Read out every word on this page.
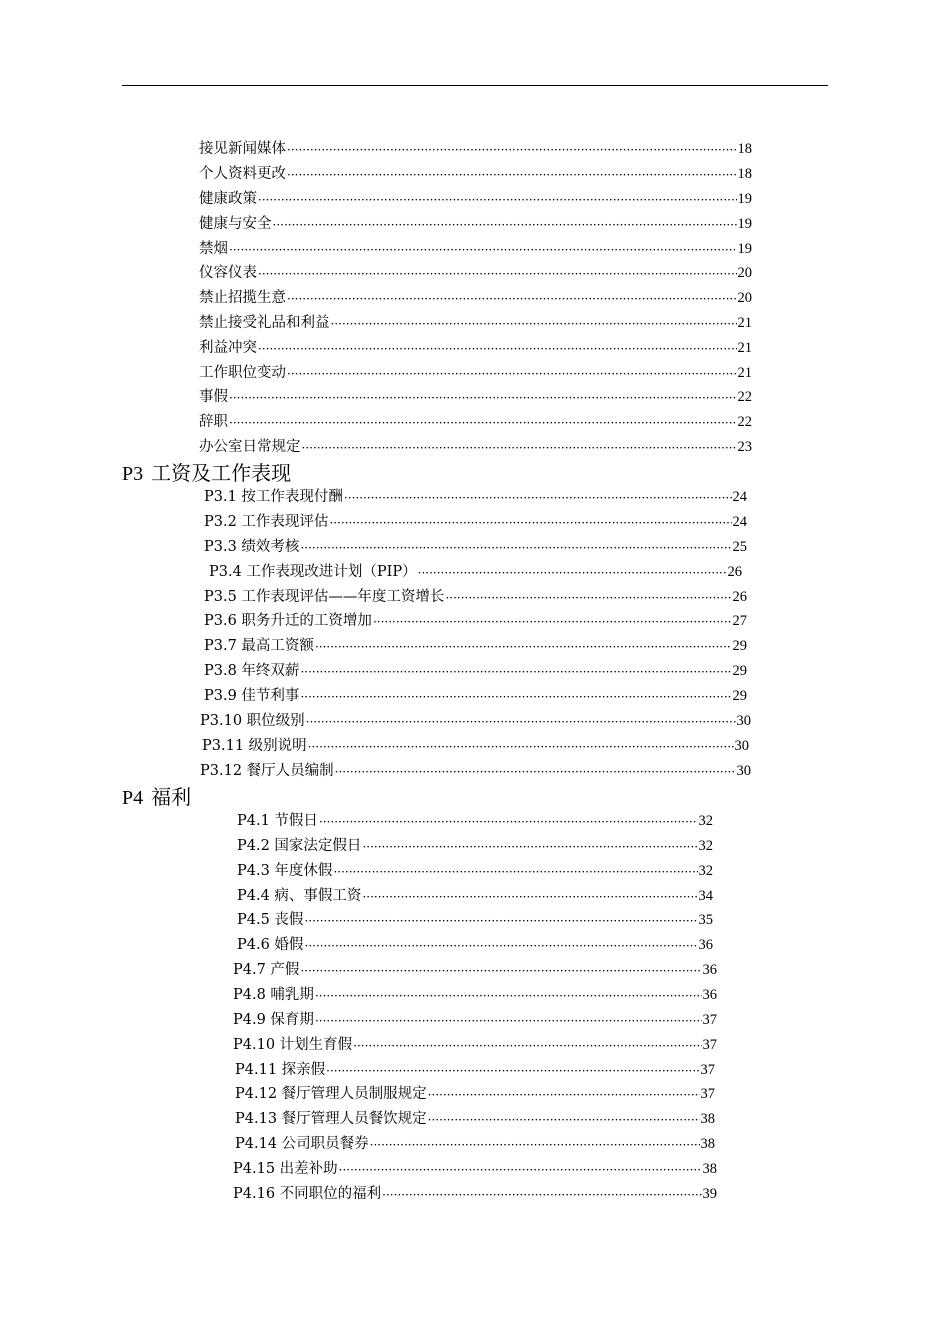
接见新闻媒体 ·····	18
个人资料更改 ·····	18
健康政策 ·····	19
健康与安全 ·····	19
禁烟 ·····	19
仪容仪表 ·····	20
禁止招揽生意 ·····	20
禁止接受礼品和利益 ·····	21
利益冲突 ·····	21
工作职位变动 ·····	21
事假 ·····	22
辞职 ·····	22
办公室日常规定 ·····	23
P3 工资及工作表现
P3.1 按工作表现付酬 ·····	24
P3.2 工作表现评估 ·····	24
P3.3 绩效考核 ·····	25
P3.4 工作表现改进计划（PIP） ·····	26
P3.5 工作表现评估——年度工资增长 ·····	26
P3.6 职务升迁的工资增加 ·····	27
P3.7 最高工资额 ·····	29
P3.8 年终双薪 ·····	29
P3.9 佳节利事 ·····	29
P3.10 职位级别 ·····	30
P3.11 级别说明 ·····	30
P3.12 餐厅人员编制 ·····	30
P4 福利
P4.1 节假日 ·····	32
P4.2 国家法定假日 ·····	32
P4.3 年度休假 ·····	32
P4.4 病、事假工资 ·····	34
P4.5 丧假 ·····	35
P4.6 婚假 ·····	36
P4.7 产假 ·····	36
P4.8 哺乳期 ·····	36
P4.9 保育期 ·····	37
P4.10 计划生育假 ·····	37
P4.11 探亲假 ·····	37
P4.12 餐厅管理人员制服规定 ·····	37
P4.13 餐厅管理人员餐饮规定 ·····	38
P4.14 公司职员餐券 ·····	38
P4.15 出差补助 ·····	38
P4.16 不同职位的福利 ·····	39
